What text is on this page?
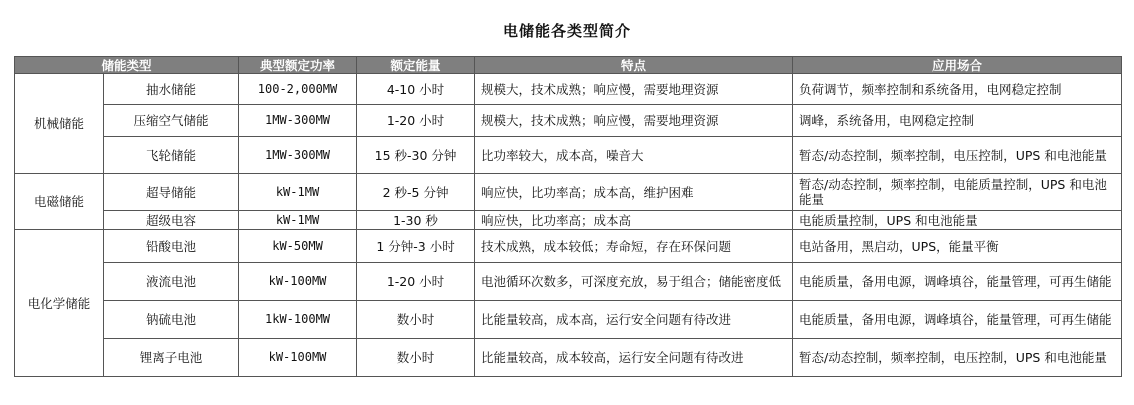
电储能各类型简介
储能类型		典型额定功率	额定能量	特点	应用场合
机械储能	抽水储能	100-2,000MW	4-10 小时	规模大，技术成熟；响应慢，需要地理资源	负荷调节，频率控制和系统备用，电网稳定控制
	压缩空气储能	1MW-300MW	1-20 小时	规模大，技术成熟；响应慢，需要地理资源	调峰，系统备用，电网稳定控制
	飞轮储能	1MW-300MW	15 秒-30 分钟	比功率较大，成本高，噪音大	暂态/动态控制，频率控制，电压控制，UPS 和电池能量
电磁储能	超导储能	kW-1MW	2 秒-5 分钟	响应快，比功率高；成本高，维护困难	暂态/动态控制，频率控制，电能质量控制，UPS 和电池能量
	超级电容	kW-1MW	1-30 秒	响应快，比功率高；成本高	电能质量控制，UPS 和电池能量
电化学储能	铅酸电池	kW-50MW	1 分钟-3 小时	技术成熟，成本较低；寿命短，存在环保问题	电站备用，黑启动，UPS，能量平衡
	液流电池	kW-100MW	1-20 小时	电池循环次数多，可深度充放，易于组合；储能密度低	电能质量，备用电源，调峰填谷，能量管理，可再生储能
	钠硫电池	1kW-100MW	数小时	比能量较高，成本高，运行安全问题有待改进	电能质量，备用电源，调峰填谷，能量管理，可再生储能
	锂离子电池	kW-100MW	数小时	比能量较高，成本较高，运行安全问题有待改进	暂态/动态控制，频率控制，电压控制，UPS 和电池能量
